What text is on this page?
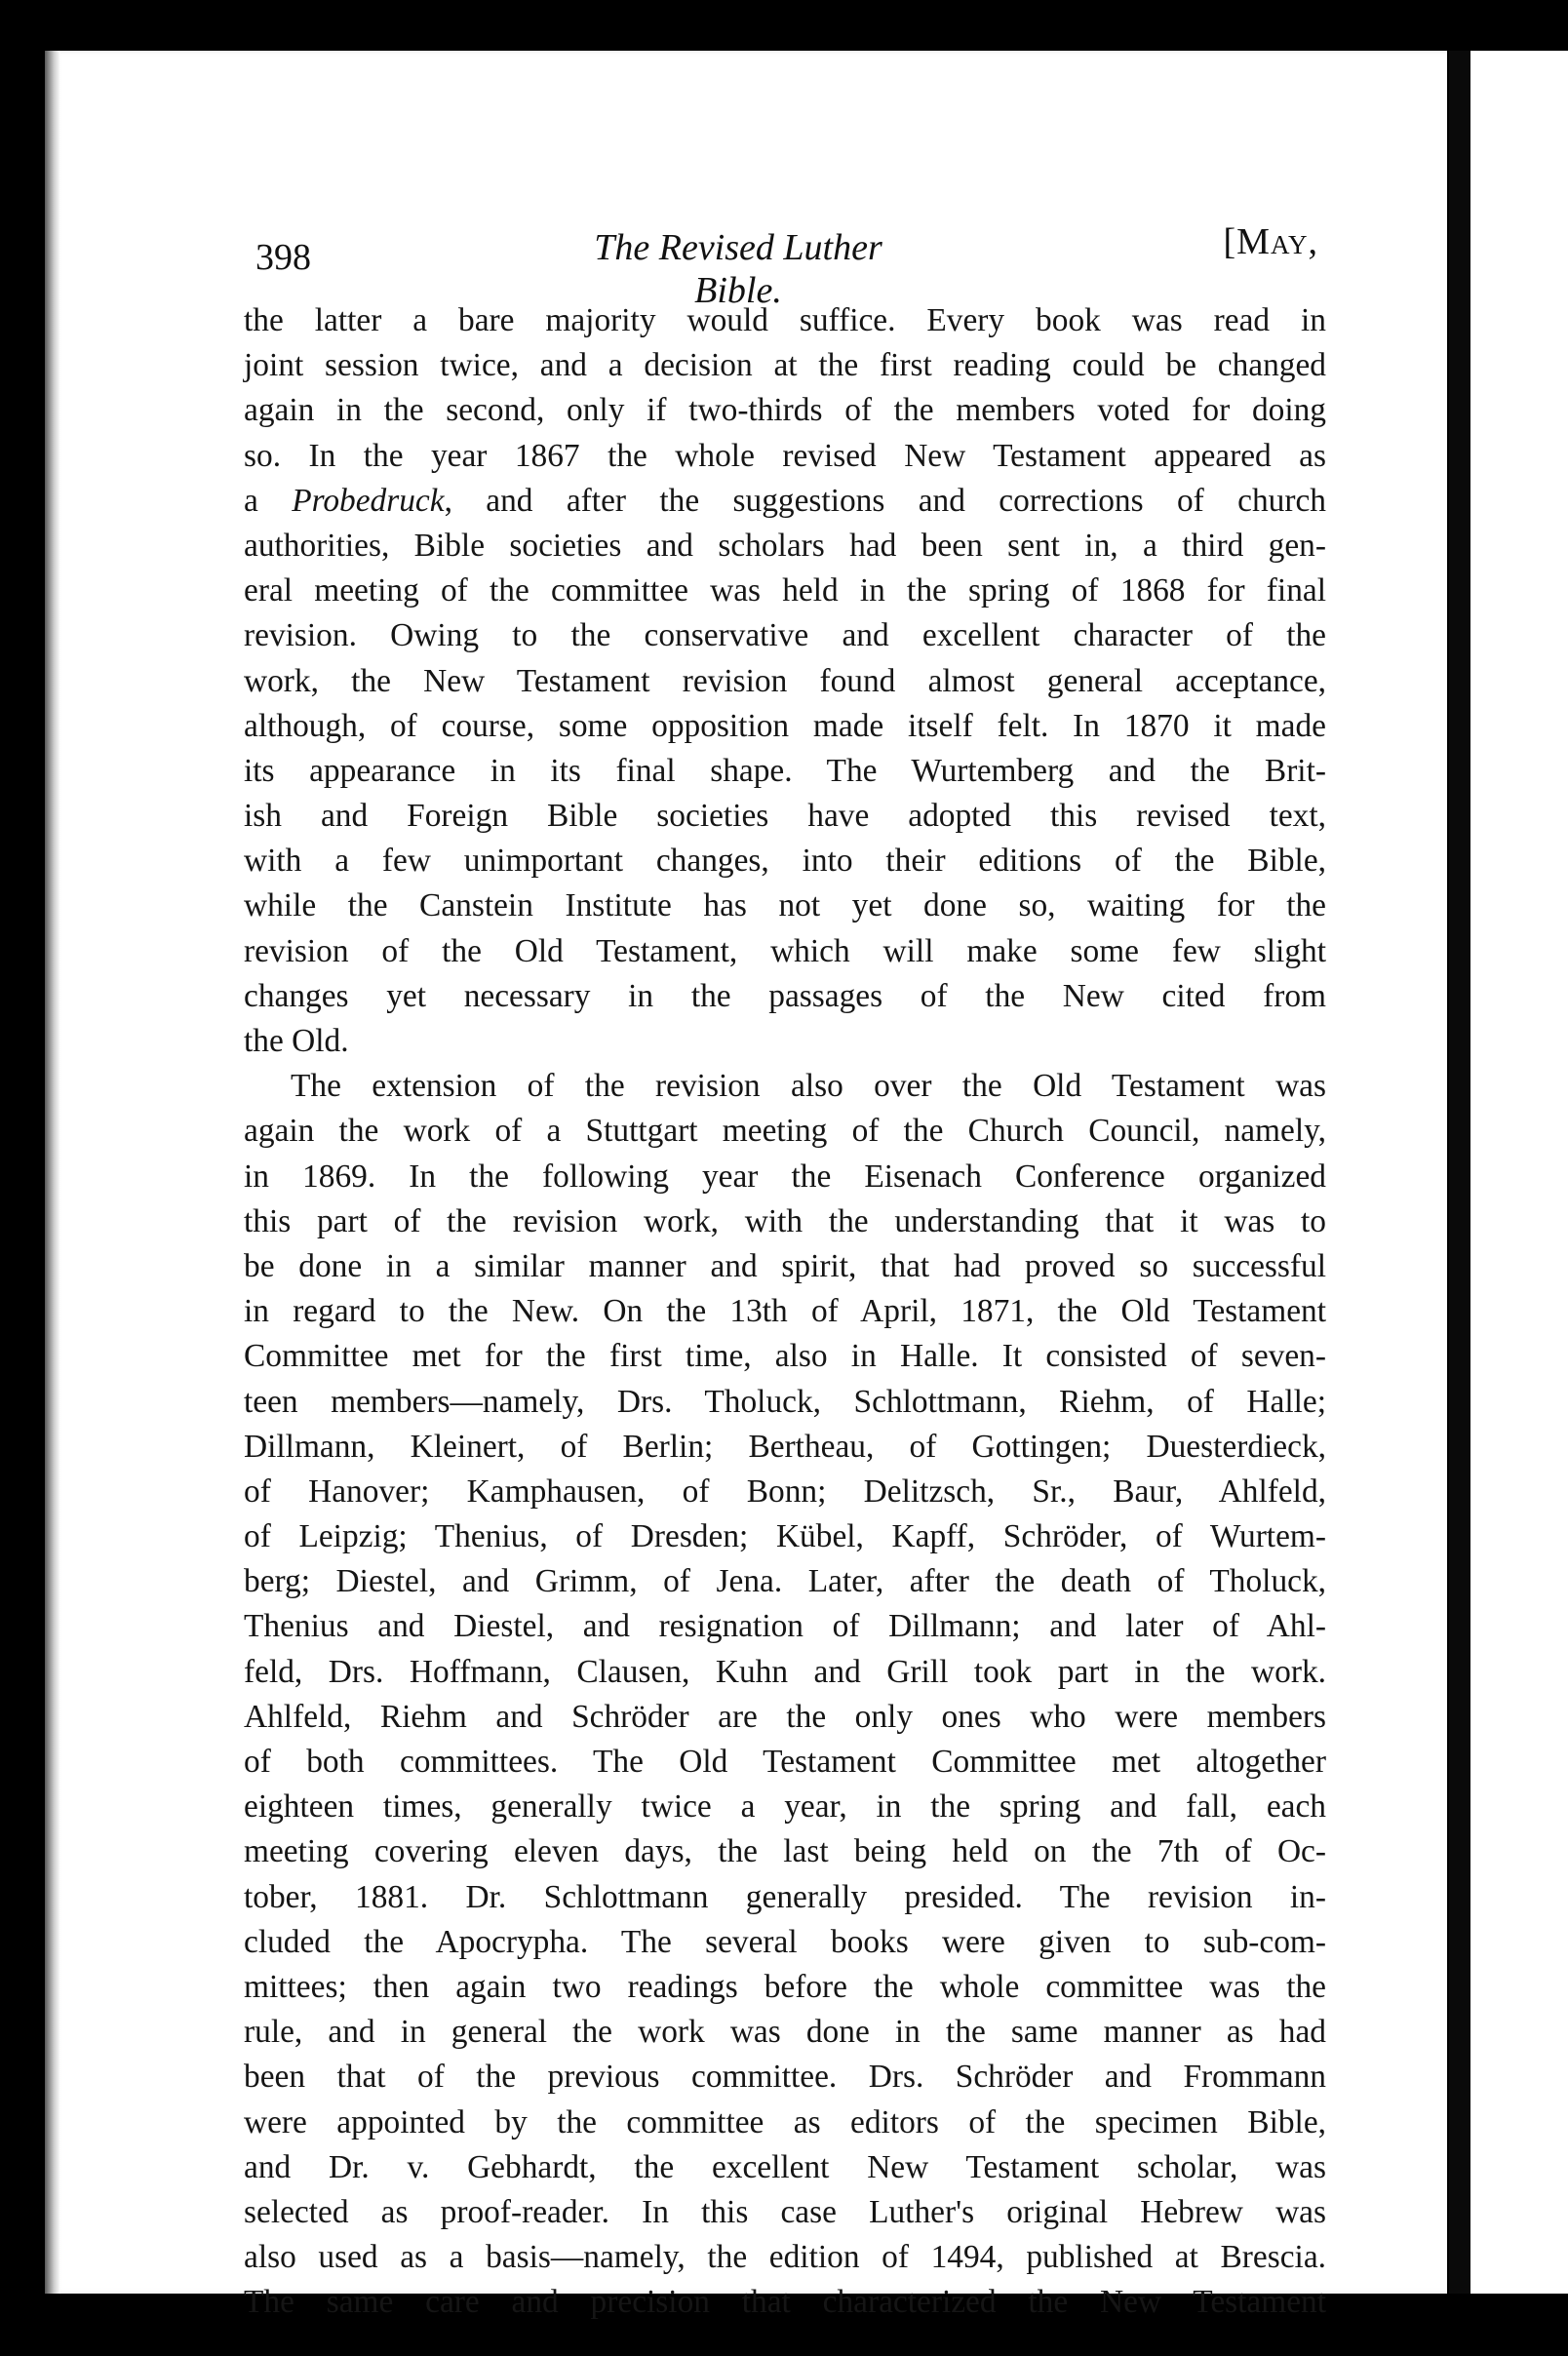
398	The Revised Luther Bible.
[May,
the latter a bare majority would suffice. Every book was read in
joint session twice, and a decision at the first reading could be changed
again in the second, only if two-thirds of the members voted for doing
so. In the year 1867 the whole revised New Testament appeared as
a Probedruck, and after the suggestions and corrections of church
authorities, Bible societies and scholars had been sent in, a third gen-
eral meeting of the committee was held in the spring of 1868 for final
revision. Owing to the conservative and excellent character of the
work, the New Testament revision found almost general acceptance,
although, of course, some opposition made itself felt. In 1870 it made
its appearance in its final shape. The Wurtemberg and the Brit-
ish and Foreign Bible societies have adopted this revised text,
with a few unimportant changes, into their editions of the Bible,
while the Canstein Institute has not yet done so, waiting for the
revision of the Old Testament, which will make some few slight
changes yet necessary in the passages of the New cited from
the Old.
The extension of the revision also over the Old Testament was
again the work of a Stuttgart meeting of the Church Council, namely,
in 1869. In the following year the Eisenach Conference organized
this part of the revision work, with the understanding that it was to
be done in a similar manner and spirit, that had proved so successful
in regard to the New. On the 13th of April, 1871, the Old Testament
Committee met for the first time, also in Halle. It consisted of seven-
teen members—namely, Drs. Tholuck, Schlottmann, Riehm, of Halle;
Dillmann, Kleinert, of Berlin; Bertheau, of Gottingen; Duesterdieck,
of Hanover; Kamphausen, of Bonn; Delitzsch, Sr., Baur, Ahlfeld,
of Leipzig; Thenius, of Dresden; Kübel, Kapff, Schröder, of Wurtem-
berg; Diestel, and Grimm, of Jena. Later, after the death of Tholuck,
Thenius and Diestel, and resignation of Dillmann; and later of Ahl-
feld, Drs. Hoffmann, Clausen, Kuhn and Grill took part in the work.
Ahlfeld, Riehm and Schröder are the only ones who were members
of both committees. The Old Testament Committee met altogether
eighteen times, generally twice a year, in the spring and fall, each
meeting covering eleven days, the last being held on the 7th of Oc-
tober, 1881. Dr. Schlottmann generally presided. The revision in-
cluded the Apocrypha. The several books were given to sub-com-
mittees; then again two readings before the whole committee was the
rule, and in general the work was done in the same manner as had
been that of the previous committee. Drs. Schröder and Frommann
were appointed by the committee as editors of the specimen Bible,
and Dr. v. Gebhardt, the excellent New Testament scholar, was
selected as proof-reader. In this case Luther's original Hebrew was
also used as a basis—namely, the edition of 1494, published at Brescia.
The same care and precision that characterized the New Testament
